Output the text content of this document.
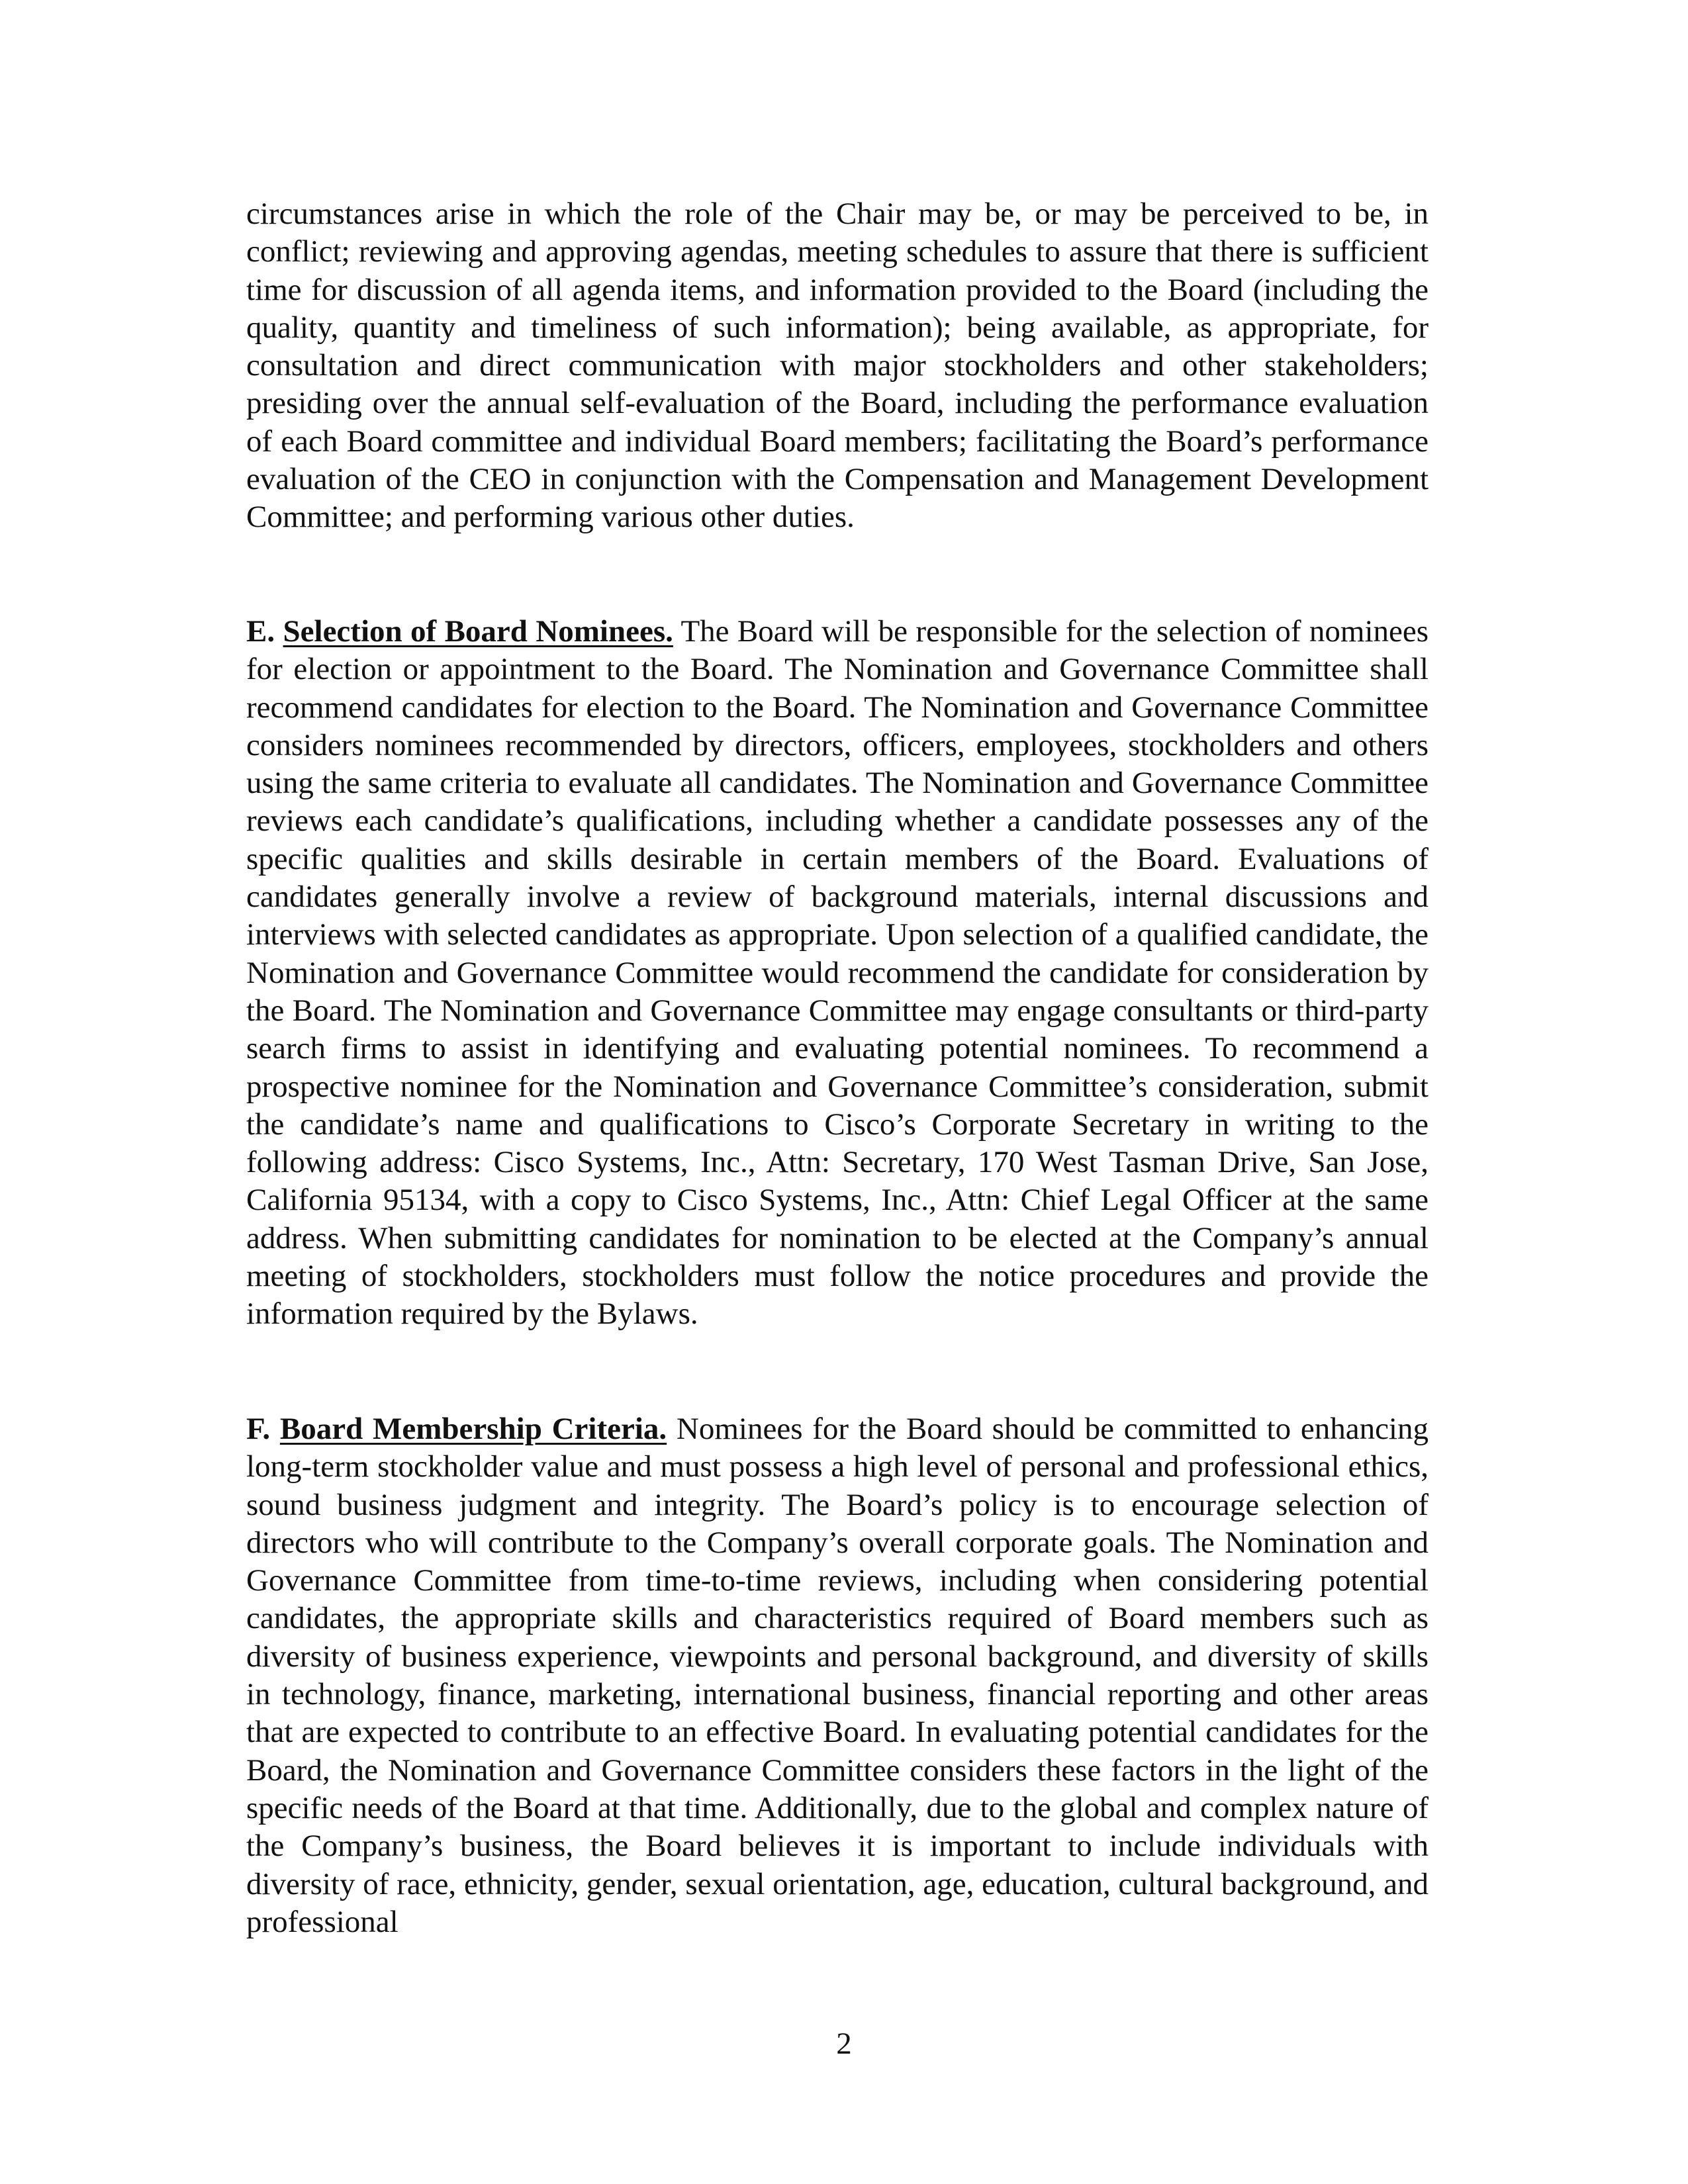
circumstances arise in which the role of the Chair may be, or may be perceived to be, in conflict; reviewing and approving agendas, meeting schedules to assure that there is sufficient time for discussion of all agenda items, and information provided to the Board (including the quality, quantity and timeliness of such information); being available, as appropriate, for consultation and direct communication with major stockholders and other stakeholders; presiding over the annual self-evaluation of the Board, including the performance evaluation of each Board committee and individual Board members; facilitating the Board’s performance evaluation of the CEO in conjunction with the Compensation and Management Development Committee; and performing various other duties.

E. Selection of Board Nominees. The Board will be responsible for the selection of nominees for election or appointment to the Board. The Nomination and Governance Committee shall recommend candidates for election to the Board. The Nomination and Governance Committee considers nominees recommended by directors, officers, employees, stockholders and others using the same criteria to evaluate all candidates. The Nomination and Governance Committee reviews each candidate’s qualifications, including whether a candidate possesses any of the specific qualities and skills desirable in certain members of the Board. Evaluations of candidates generally involve a review of background materials, internal discussions and interviews with selected candidates as appropriate. Upon selection of a qualified candidate, the Nomination and Governance Committee would recommend the candidate for consideration by the Board. The Nomination and Governance Committee may engage consultants or third-party search firms to assist in identifying and evaluating potential nominees. To recommend a prospective nominee for the Nomination and Governance Committee’s consideration, submit the candidate’s name and qualifications to Cisco’s Corporate Secretary in writing to the following address: Cisco Systems, Inc., Attn: Secretary, 170 West Tasman Drive, San Jose, California 95134, with a copy to Cisco Systems, Inc., Attn: Chief Legal Officer at the same address. When submitting candidates for nomination to be elected at the Company’s annual meeting of stockholders, stockholders must follow the notice procedures and provide the information required by the Bylaws.

F. Board Membership Criteria. Nominees for the Board should be committed to enhancing long-term stockholder value and must possess a high level of personal and professional ethics, sound business judgment and integrity. The Board’s policy is to encourage selection of directors who will contribute to the Company’s overall corporate goals. The Nomination and Governance Committee from time-to-time reviews, including when considering potential candidates, the appropriate skills and characteristics required of Board members such as diversity of business experience, viewpoints and personal background, and diversity of skills in technology, finance, marketing, international business, financial reporting and other areas that are expected to contribute to an effective Board. In evaluating potential candidates for the Board, the Nomination and Governance Committee considers these factors in the light of the specific needs of the Board at that time. Additionally, due to the global and complex nature of the Company’s business, the Board believes it is important to include individuals with diversity of race, ethnicity, gender, sexual orientation, age, education, cultural background, and professional

2
